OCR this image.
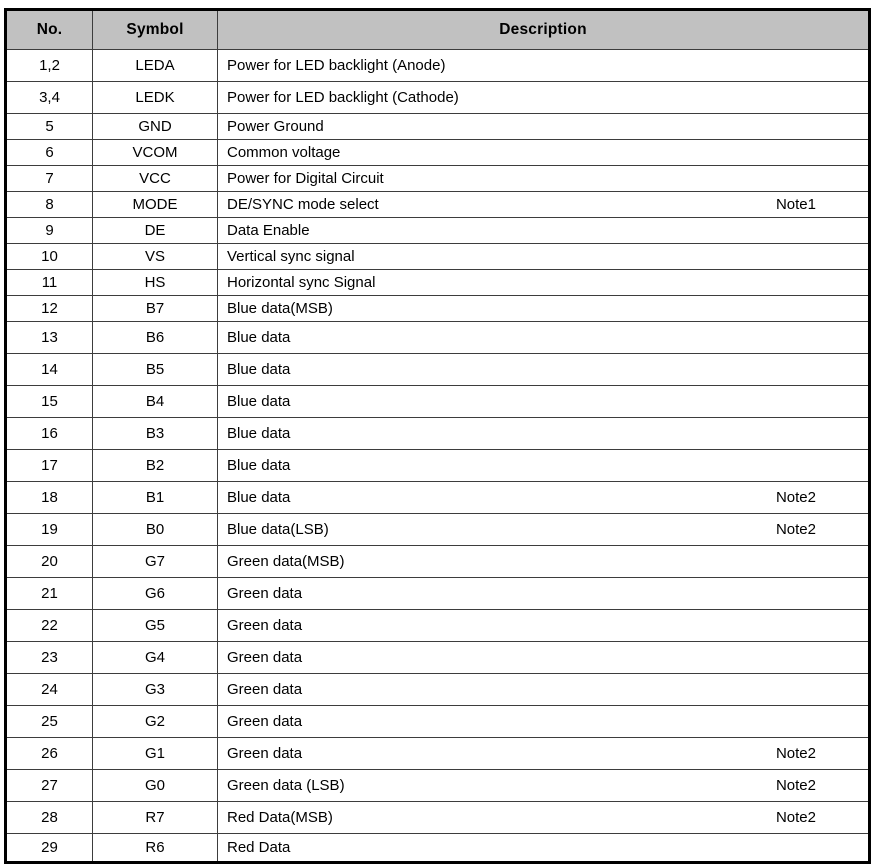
No.	Symbol	Description
1,2	LEDA	Power for LED backlight (Anode)

3,4	LEDK	Power for LED backlight (Cathode)

5	GND	Power Ground

6	VCOM	Common voltage

7	VCC	Power for Digital Circuit

8	MODE	DE/SYNC mode select Note1

9	DE	Data Enable

10	VS	Vertical sync signal

11	HS	Horizontal sync Signal

12	B7	Blue data(MSB)

13	B6	Blue data

14	B5	Blue data

15	B4	Blue data

16	B3	Blue data

17	B2	Blue data

18	B1	Blue data Note2

19	B0	Blue data(LSB) Note2

20	G7	Green data(MSB)

21	G6	Green data

22	G5	Green data

23	G4	Green data

24	G3	Green data

25	G2	Green data

26	G1	Green data Note2

27	G0	Green data (LSB) Note2

28	R7	Red Data(MSB) Note2

29	R6	Red Data
